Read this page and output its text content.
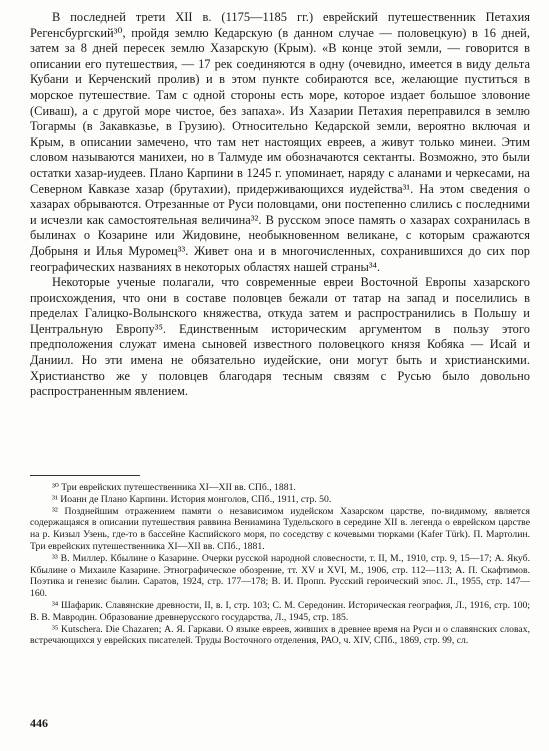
В последней трети XII в. (1175—1185 гг.) еврейский путешественник Петахия Регенсбургский³⁰, пройдя землю Кедарскую (в данном случае — половецкую) в 16 дней, затем за 8 дней пересек землю Хазарскую (Крым). «В конце этой земли, — говорится в описании его путешествия, — 17 рек соединяются в одну (очевидно, имеется в виду дельта Кубани и Керченский пролив) и в этом пункте собираются все, желающие пуститься в морское путешествие. Там с одной стороны есть море, которое издает большое зловоние (Сиваш), а с другой море чистое, без запаха». Из Хазарии Петахия переправился в землю Тогармы (в Закавказье, в Грузию). Относительно Кедарской земли, вероятно включая и Крым, в описании замечено, что там нет настоящих евреев, а живут только минеи. Этим словом называются манихеи, но в Талмуде им обозначаются сектанты. Возможно, это были остатки хазар-иудеев. Плано Карпини в 1245 г. упоминает, наряду с аланами и черкесами, на Северном Кавказе хазар (брутахии), придерживающихся иудейства³¹. На этом сведения о хазарах обрываются. Отрезанные от Руси половцами, они постепенно слились с последними и исчезли как самостоятельная величина³². В русском эпосе память о хазарах сохранилась в былинах о Козарине или Жидовине, необыкновенном великане, с которым сражаются Добрыня и Илья Муромец³³. Живет она и в многочисленных, сохранившихся до сих пор географических названиях в некоторых областях нашей страны³⁴.

Некоторые ученые полагали, что современные евреи Восточной Европы хазарского происхождения, что они в составе половцев бежали от татар на запад и поселились в пределах Галицко-Волынского княжества, откуда затем и распространились в Польшу и Центральную Европу³⁵. Единственным историческим аргументом в пользу этого предположения служат имена сыновей известного половецкого князя Кобяка — Исай и Даниил. Но эти имена не обязательно иудейские, они могут быть и христианскими. Христианство же у половцев благодаря тесным связям с Русью было довольно распространенным явлением.

³⁰ Три еврейских путешественника XI—XII вв. СПб., 1881.

³¹ Иоанн де Плано Карпини. История монголов, СПб., 1911, стр. 50.

³² Позднейшим отражением памяти о независимом иудейском Хазарском царстве, по-видимому, является содержащаяся в описании путешествия раввина Вениамина Тудельского в середине XII в. легенда о еврейском царстве на р. Кизыл Узень, где-то в бассейне Каспийского моря, по соседству с кочевыми тюрками (Kafer Türk). П. Мартолин. Три еврейских путешественника XI—XII вв. СПб., 1881.

³³ В. Миллер. Кбылине о Казарине. Очерки русской народной словесности, т. II, М., 1910, стр. 9, 15—17; А. Якуб. Кбылине о Михаиле Казарине. Этнографическое обозрение, тт. XV и XVI, М., 1906, стр. 112—113; А. П. Скафтимов. Поэтика и генезис былин. Саратов, 1924, стр. 177—178; В. И. Пропп. Русский героический эпос. Л., 1955, стр. 147—160.

³⁴ Шафарик. Славянские древности, II, в. I, стр. 103; С. М. Середонин. Историческая география, Л., 1916, стр. 100; В. В. Мавродин. Образование древнерусского государства, Л., 1945, стр. 185.

³⁵ Kutschera. Die Chazaren; А. Я. Гаркави. О языке евреев, живших в древнее время на Руси и о славянских словах, встречающихся у еврейских писателей. Труды Восточного отделения, РАО, ч. XIV, СПб., 1869, стр. 99, сл.

446
